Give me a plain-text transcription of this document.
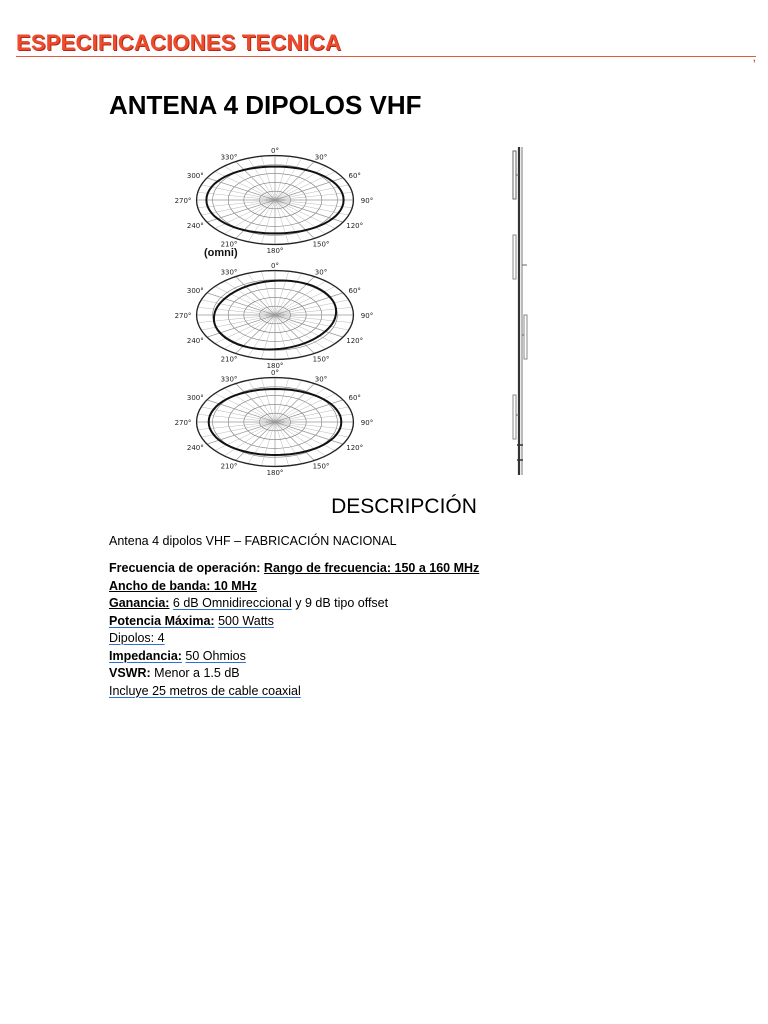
ESPECIFICACIONES TECNICA
,
ANTENA 4 DIPOLOS VHF
0°
30°
60°
90°
120°
150°
180°
210°
240°
270°
300°
330°
(omni)
0°
30°
60°
90°
120°
150°
180°
210°
240°
270°
300°
330°
0°
30°
60°
90°
120°
150°
180°
210°
240°
270°
300°
330°
DESCRIPCIÓN
Antena 4 dipolos VHF – FABRICACIÓN NACIONAL
Frecuencia de operación: Rango de frecuencia: 150 a 160 MHz
Ancho de banda: 10 MHz
Ganancia: 6 dB Omnidireccional y 9 dB tipo offset
Potencia Máxima: 500 Watts
Dipolos: 4
Impedancia: 50 Ohmios
VSWR: Menor a 1.5 dB
Incluye 25 metros de cable coaxial
